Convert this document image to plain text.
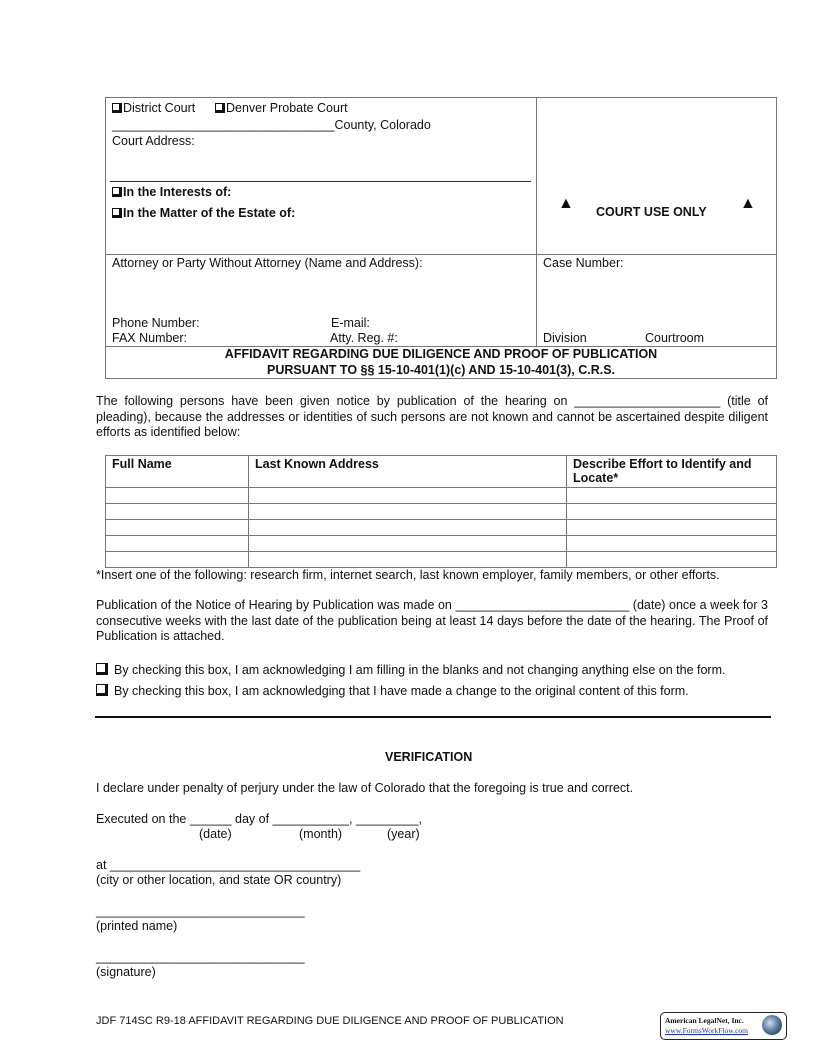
District Court	Denver Probate Court
________________________________County, Colorado
Court Address:
In the Interests of:
In the Matter of the Estate of:
▲ COURT USE ONLY ▲
Attorney or Party Without Attorney (Name and Address):
Phone Number:	E-mail:
FAX Number:	Atty. Reg. #:
Case Number:
Division	Courtroom
AFFIDAVIT REGARDING DUE DILIGENCE AND PROOF OF PUBLICATION
PURSUANT TO §§ 15-10-401(1)(c) AND 15-10-401(3), C.R.S.
The following persons have been given notice by publication of the hearing on _____________________ (title of pleading), because the addresses or identities of such persons are not known and cannot be ascertained despite diligent efforts as identified below:
Full Name	Last Known Address	Describe Effort to Identify and Locate*

*Insert one of the following: research firm, internet search, last known employer, family members, or other efforts.
Publication of the Notice of Hearing by Publication was made on _________________________ (date) once a week for 3 consecutive weeks with the last date of the publication being at least 14 days before the date of the hearing. The Proof of Publication is attached.
By checking this box, I am acknowledging I am filling in the blanks and not changing anything else on the form.
By checking this box, I am acknowledging that I have made a change to the original content of this form.
VERIFICATION
I declare under penalty of perjury under the law of Colorado that the foregoing is true and correct.
Executed on the ______ day of ___________, _________,
(date)	(month)	(year)
at ____________________________________
(city or other location, and state OR country)
______________________________
(printed name)
______________________________
(signature)
JDF 714SC R9-18 AFFIDAVIT REGARDING DUE DILIGENCE AND PROOF OF PUBLICATION	American LegalNet, Inc.
www.FormsWorkFlow.com
